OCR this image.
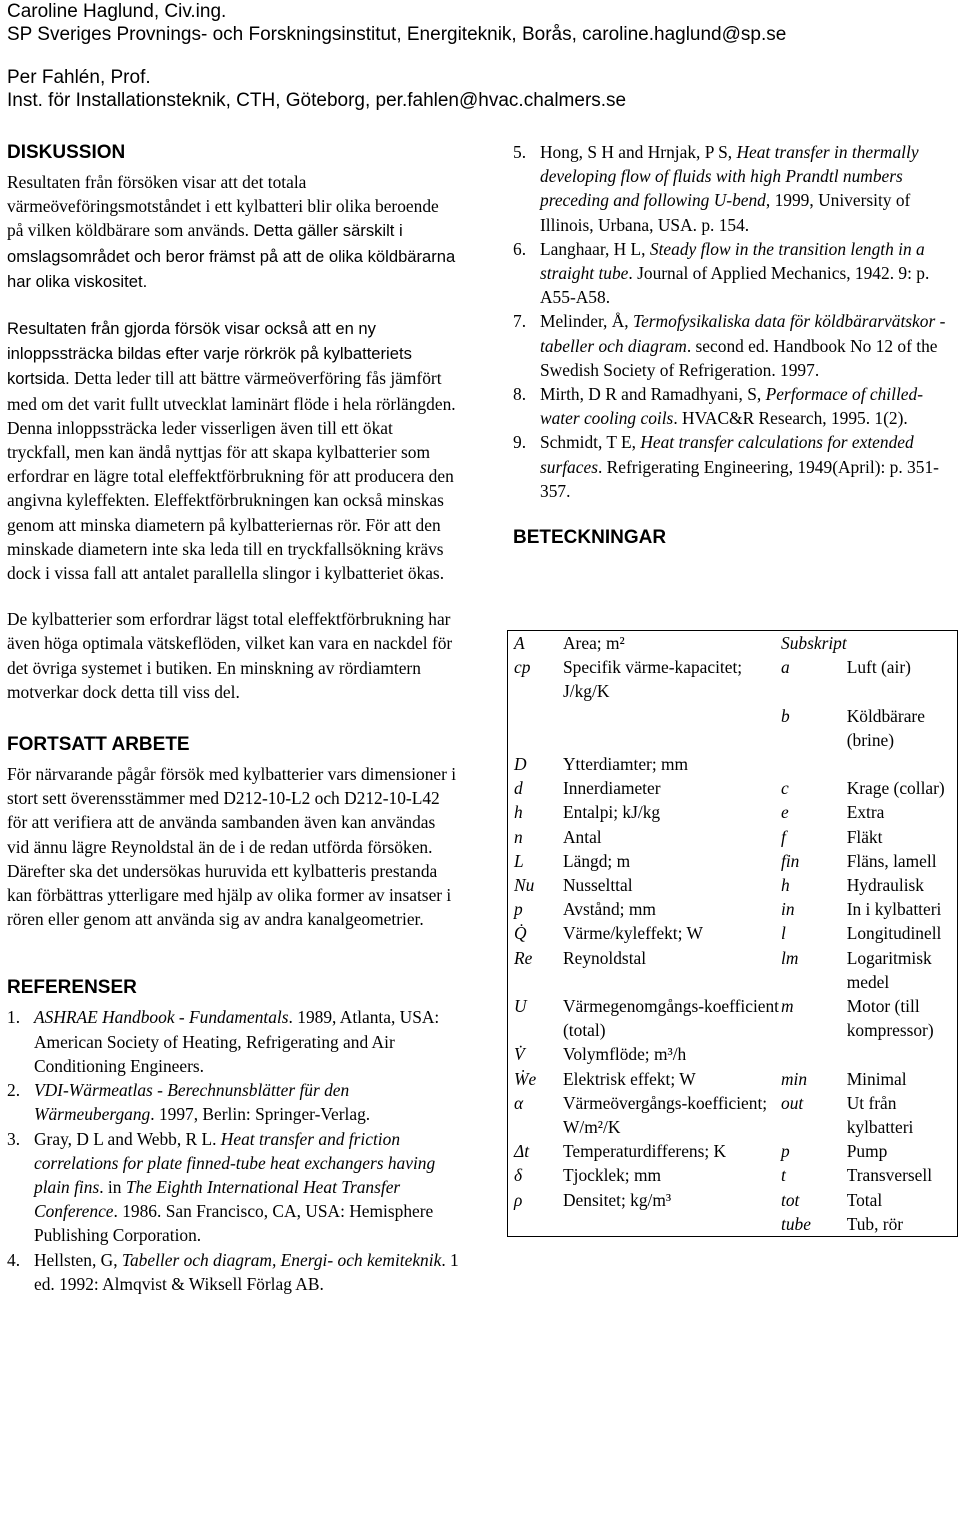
Caroline Haglund, Civ.ing.
SP Sveriges Provnings- och Forskningsinstitut, Energiteknik, Borås, caroline.haglund@sp.se
Per Fahlén, Prof.
Inst. för Installationsteknik, CTH, Göteborg, per.fahlen@hvac.chalmers.se
DISKUSSION

Resultaten från försöken visar att det totala värmeöveföringsmotståndet i ett kylbatteri blir olika beroende på vilken köldbärare som används. Detta gäller särskilt i omslagsområdet och beror främst på att de olika köldbärarna har olika viskositet.

Resultaten från gjorda försök visar också att en ny inloppssträcka bildas efter varje rörkrök på kylbatteriets kortsida. Detta leder till att bättre värmeöverföring fås jämfört med om det varit fullt utvecklat laminärt flöde i hela rörlängden. Denna inloppssträcka leder visserligen även till ett ökat tryckfall, men kan ändå nyttjas för att skapa kylbatterier som erfordrar en lägre total eleffektförbrukning för att producera den angivna kyleffekten. Eleffektförbrukningen kan också minskas genom att minska diametern på kylbatteriernas rör. För att den minskade diametern inte ska leda till en tryckfallsökning krävs dock i vissa fall att antalet parallella slingor i kylbatteriet ökas.

De kylbatterier som erfordrar lägst total eleffektförbrukning har även höga optimala vätskeflöden, vilket kan vara en nackdel för det övriga systemet i butiken. En minskning av rördiamtern motverkar dock detta till viss del.

FORTSATT ARBETE

För närvarande pågår försök med kylbatterier vars dimensioner i stort sett överensstämmer med D212-10-L2 och D212-10-L42 för att verifiera att de använda sambanden även kan användas vid ännu lägre Reynoldstal än de i de redan utförda försöken. Därefter ska det undersökas huruvida ett kylbatteris prestanda kan förbättras ytterligare med hjälp av olika former av insatser i rören eller genom att använda sig av andra kanalgeometrier.

REFERENSER
1. ASHRAE Handbook - Fundamentals. 1989, Atlanta, USA: American Society of Heating, Refrigerating and Air Conditioning Engineers.
2. VDI-Wärmeatlas - Berechnunsblätter für den Wärmeubergang. 1997, Berlin: Springer-Verlag.
3. Gray, D L and Webb, R L. Heat transfer and friction correlations for plate finned-tube heat exchangers having plain fins. in The Eighth International Heat Transfer Conference. 1986. San Francisco, CA, USA: Hemisphere Publishing Corporation.
4. Hellsten, G, Tabeller och diagram, Energi- och kemiteknik. 1 ed. 1992: Almqvist & Wiksell Förlag AB.
5. Hong, S H and Hrnjak, P S, Heat transfer in thermally developing flow of fluids with high Prandtl numbers preceding and following U-bend, 1999, University of Illinois, Urbana, USA. p. 154.
6. Langhaar, H L, Steady flow in the transition length in a straight tube. Journal of Applied Mechanics, 1942. 9: p. A55-A58.
7. Melinder, Å, Termofysikaliska data för köldbärarvätskor - tabeller och diagram. second ed. Handbook No 12 of the Swedish Society of Refrigeration. 1997.
8. Mirth, D R and Ramadhyani, S, Performace of chilled-water cooling coils. HVAC&R Research, 1995. 1(2).
9. Schmidt, T E, Heat transfer calculations for extended surfaces. Refrigerating Engineering, 1949(April): p. 351-357.
BETECKNINGAR
A	Area; m²	Subskript	
cp	Specifik värme-kapacitet; J/kg/K	a	Luft (air)
		b	Köldbärare (brine)
D	Ytterdiamter; mm		
d	Innerdiameter	c	Krage (collar)
h	Entalpi; kJ/kg	e	Extra
n	Antal	f	Fläkt
L	Längd; m	fin	Fläns, lamell
Nu	Nusselttal	h	Hydraulisk
p	Avstånd; mm	in	In i kylbatteri
Q̇	Värme/kyleffekt; W	l	Longitudinell
Re	Reynoldstal	lm	Logaritmisk medel
U	Värmegenomgångs-koefficient (total)	m	Motor (till kompressor)
V̇	Volymflöde; m³/h		
Ẇe	Elektrisk effekt; W	min	Minimal
α	Värmeövergångs-koefficient; W/m²/K	out	Ut från kylbatteri
Δt	Temperaturdifferens; K	p	Pump
δ	Tjocklek; mm	t	Transversell
ρ	Densitet; kg/m³	tot	Total
		tube	Tub, rör
